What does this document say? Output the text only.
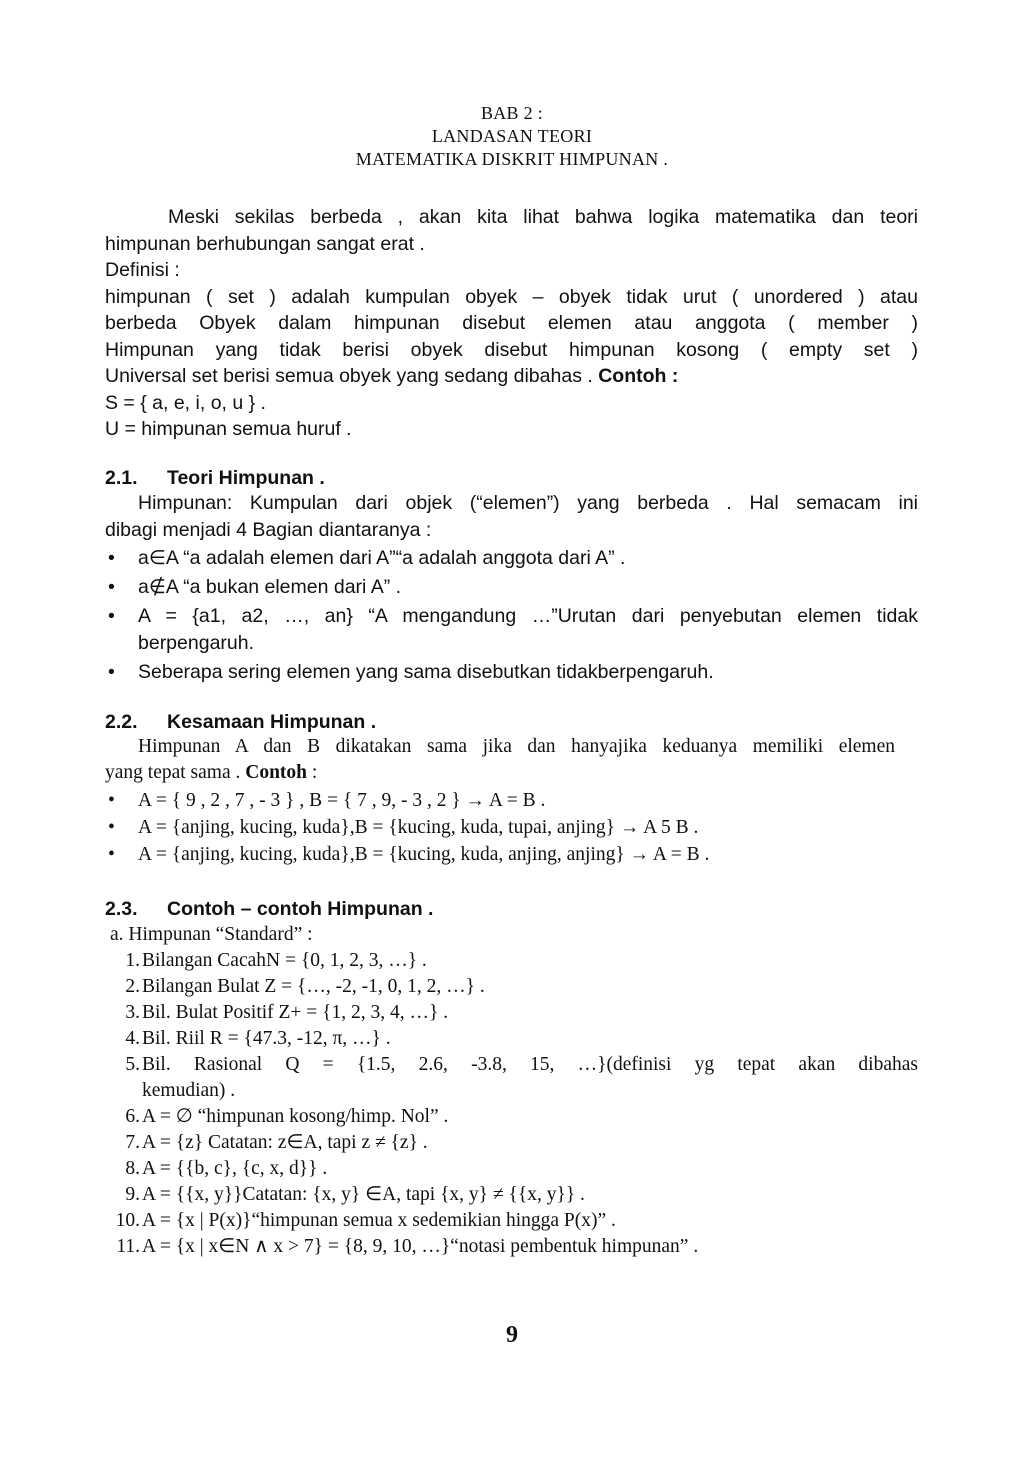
BAB 2 :
LANDASAN TEORI
MATEMATIKA DISKRIT HIMPUNAN .
Meski sekilas berbeda , akan kita lihat bahwa logika matematika dan teori
himpunan berhubungan sangat erat .
Definisi :
himpunan ( set ) adalah kumpulan obyek – obyek tidak urut ( unordered ) atau
berbeda Obyek dalam himpunan disebut elemen atau anggota ( member )
Himpunan yang tidak berisi obyek disebut himpunan kosong ( empty set )
Universal set berisi semua obyek yang sedang dibahas . Contoh :
S = { a, e, i, o, u } .
U = himpunan semua huruf .
2.1. Teori Himpunan .
Himpunan: Kumpulan dari objek (“elemen”) yang berbeda . Hal semacam ini
dibagi menjadi 4 Bagian diantaranya :
• a∈A “a adalah elemen dari A”“a adalah anggota dari A” .
• a∉A “a bukan elemen dari A” .
• A = {a1, a2, …, an} “A mengandung …”Urutan dari penyebutan elemen tidak
berpengaruh.
• Seberapa sering elemen yang sama disebutkan tidakberpengaruh.
2.2. Kesamaan Himpunan .
Himpunan A dan B dikatakan sama jika dan hanyajika keduanya memiliki elemen
yang tepat sama . Contoh :
• A = { 9 , 2 , 7 , - 3 } , B = { 7 , 9, - 3 , 2 } → A = B .
• A = {anjing, kucing, kuda},B = {kucing, kuda, tupai, anjing} → A 5 B .
• A = {anjing, kucing, kuda},B = {kucing, kuda, anjing, anjing} → A = B .
2.3. Contoh – contoh Himpunan .
a. Himpunan “Standard” :
1. Bilangan CacahN = {0, 1, 2, 3, …} .
2. Bilangan Bulat Z = {…, -2, -1, 0, 1, 2, …} .
3. Bil. Bulat Positif Z+ = {1, 2, 3, 4, …} .
4. Bil. Riil R = {47.3, -12, π, …} .
5. Bil. Rasional Q = {1.5, 2.6, -3.8, 15, …}(definisi yg tepat akan dibahas
kemudian) .
6. A = ∅ “himpunan kosong/himp. Nol” .
7. A = {z} Catatan: z∈A, tapi z ≠ {z} .
8. A = {{b, c}, {c, x, d}} .
9. A = {{x, y}}Catatan: {x, y} ∈A, tapi {x, y} ≠ {{x, y}} .
10. A = {x | P(x)}“himpunan semua x sedemikian hingga P(x)” .
11. A = {x | x∈N ∧ x > 7} = {8, 9, 10, …}“notasi pembentuk himpunan” .
9
